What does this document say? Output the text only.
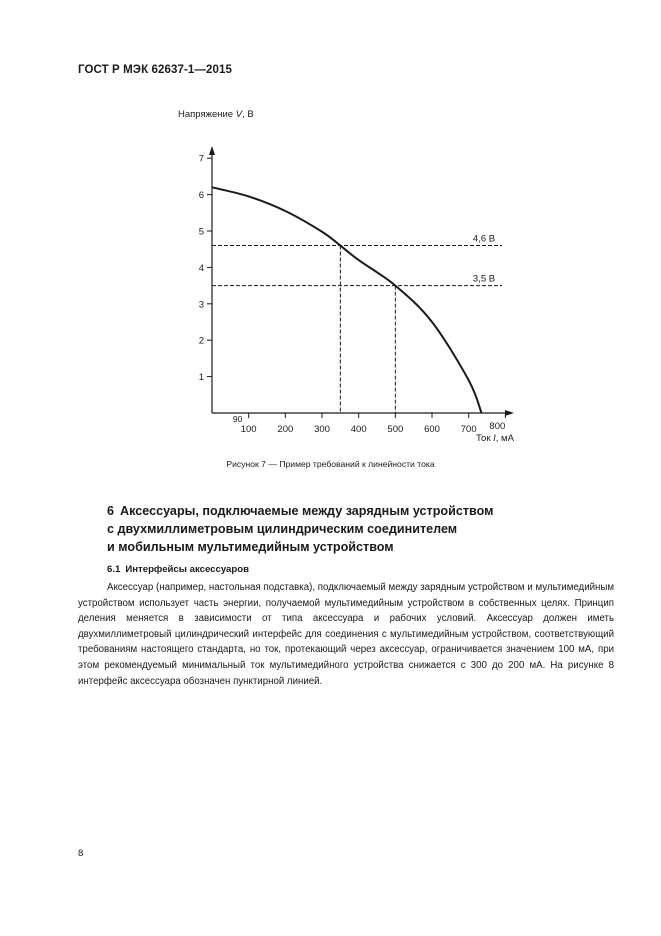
ГОСТ Р МЭК 62637-1—2015
1
2
3
4
5
6
7
100 200 300 400 500 600 700 800
90
4,6 В
3,5 В
Напряжение V, В
Ток I, мА
Рисунок 7 — Пример требований к линейности тока
6 Аксессуары, подключаемые между зарядным устройством
с двухмиллиметровым цилиндрическим соединителем
и мобильным мультимедийным устройством
6.1 Интерфейсы аксессуаров

Аксессуар (например, настольная подставка), подключаемый между зарядным устройством и мультимедийным устройством использует часть энергии, получаемой мультимедийным устройством в собственных целях. Принцип деления меняется в зависимости от типа аксессуара и рабочих условий. Аксессуар должен иметь двухмиллиметровый цилиндрический интерфейс для соединения с мультимедийным устройством, соответствующий требованиям настоящего стандарта, но ток, протекающий через аксессуар, ограничивается значением 100 мА, при этом рекомендуемый минимальный ток мультимедийного устройства снижается с 300 до 200 мА. На рисунке 8 интерфейс аксессуара обозначен пунктирной линией.

8
